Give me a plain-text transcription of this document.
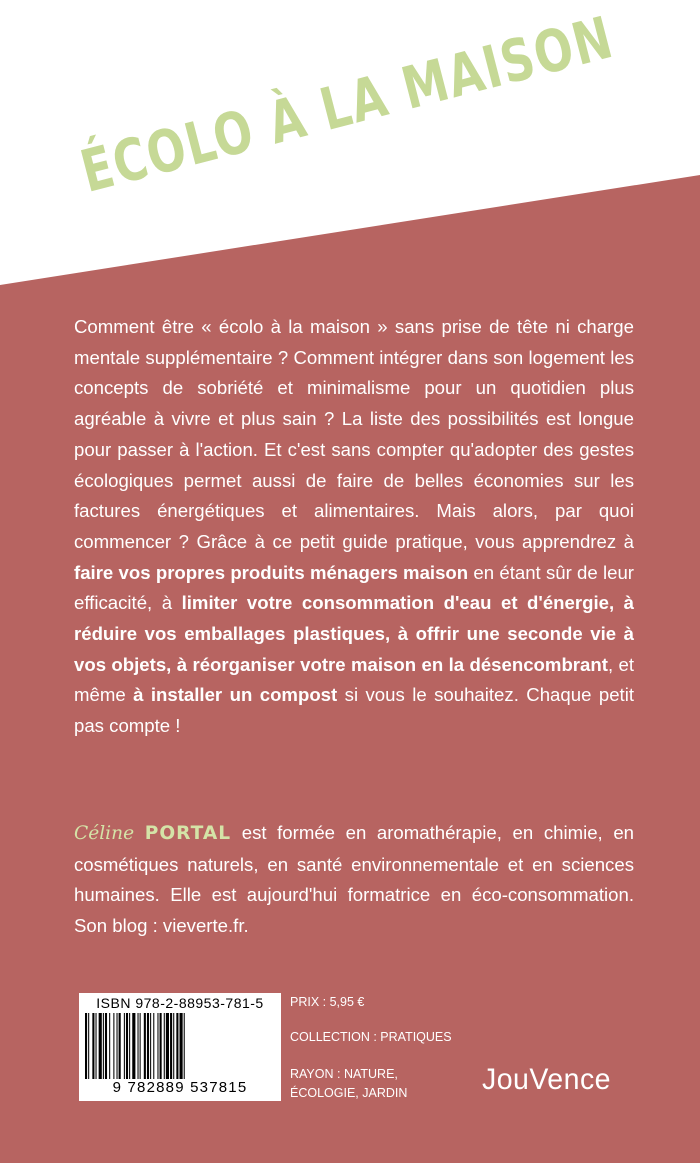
ÉCOLO À LA MAISON

Comment être « écolo à la maison » sans prise de tête ni charge mentale supplémentaire ? Comment intégrer dans son logement les concepts de sobriété et minimalisme pour un quotidien plus agréable à vivre et plus sain ? La liste des possibilités est longue pour passer à l'action. Et c'est sans compter qu'adopter des gestes écologiques permet aussi de faire de belles économies sur les factures énergétiques et alimentaires. Mais alors, par quoi commencer ? Grâce à ce petit guide pratique, vous apprendrez à faire vos propres produits ménagers maison en étant sûr de leur efficacité, à limiter votre consommation d'eau et d'énergie, à réduire vos emballages plastiques, à offrir une seconde vie à vos objets, à réorganiser votre maison en la désencombrant, et même à installer un compost si vous le souhaitez. Chaque petit pas compte !

Céline PORTAL est formée en aromathérapie, en chimie, en cosmétiques naturels, en santé environnementale et en sciences humaines. Elle est aujourd'hui formatrice en éco-consommation. Son blog : vieverte.fr.

ISBN 978-2-88953-781-5
9 782889 537815
PRIX : 5,95 €
COLLECTION : PRATIQUES
RAYON : NATURE, ÉCOLOGIE, JARDIN	JouVence
